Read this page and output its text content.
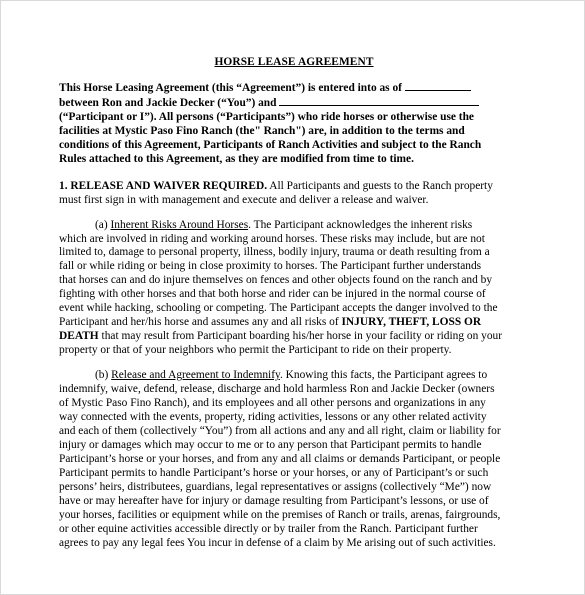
HORSE LEASE AGREEMENT
This Horse Leasing Agreement (this “Agreement”) is entered into as of
between Ron and Jackie Decker (“You”) and
(“Participant or I”). All persons (“Participants”) who ride horses or otherwise use the
facilities at Mystic Paso Fino Ranch (the" Ranch") are, in addition to the terms and
conditions of this Agreement, Participants of Ranch Activities and subject to the Ranch
Rules attached to this Agreement, as they are modified from time to time.
1. RELEASE AND WAIVER REQUIRED. All Participants and guests to the Ranch property
must first sign in with management and execute and deliver a release and waiver.
(a) Inherent Risks Around Horses. The Participant acknowledges the inherent risks
which are involved in riding and working around horses. These risks may include, but are not
limited to, damage to personal property, illness, bodily injury, trauma or death resulting from a
fall or while riding or being in close proximity to horses. The Participant further understands
that horses can and do injure themselves on fences and other objects found on the ranch and by
fighting with other horses and that both horse and rider can be injured in the normal course of
event while hacking, schooling or competing. The Participant accepts the danger involved to the
Participant and her/his horse and assumes any and all risks of INJURY, THEFT, LOSS OR
DEATH that may result from Participant boarding his/her horse in your facility or riding on your
property or that of your neighbors who permit the Participant to ride on their property.
(b) Release and Agreement to Indemnify. Knowing this facts, the Participant agrees to
indemnify, waive, defend, release, discharge and hold harmless Ron and Jackie Decker (owners
of Mystic Paso Fino Ranch), and its employees and all other persons and organizations in any
way connected with the events, property, riding activities, lessons or any other related activity
and each of them (collectively “You”) from all actions and any and all right, claim or liability for
injury or damages which may occur to me or to any person that Participant permits to handle
Participant’s horse or your horses, and from any and all claims or demands Participant, or people
Participant permits to handle Participant’s horse or your horses, or any of Participant’s or such
persons’ heirs, distributees, guardians, legal representatives or assigns (collectively “Me”) now
have or may hereafter have for injury or damage resulting from Participant’s lessons, or use of
your horses, facilities or equipment while on the premises of Ranch or trails, arenas, fairgrounds,
or other equine activities accessible directly or by trailer from the Ranch. Participant further
agrees to pay any legal fees You incur in defense of a claim by Me arising out of such activities.
